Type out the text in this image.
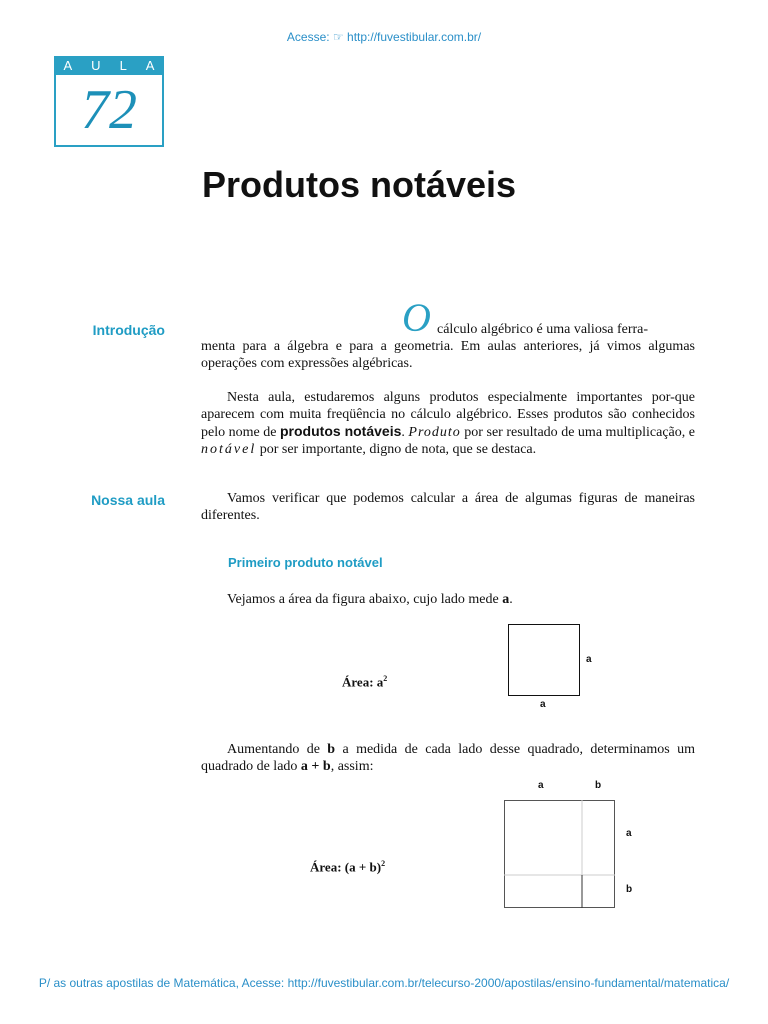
Acesse: ☞ http://fuvestibular.com.br/
A U L A
72
Produtos notáveis
Introdução	O cálculo algébrico é uma valiosa ferra-
menta para a álgebra e para a geometria. Em aulas anteriores, já vimos algumas operações com expressões algébricas.
Nesta aula, estudaremos alguns produtos especialmente importantes por-que aparecem com muita freqüência no cálculo algébrico. Esses produtos são conhecidos pelo nome de produtos notáveis. Produto por ser resultado de uma multiplicação, e notável por ser importante, digno de nota, que se destaca.
Nossa aula	Vamos verificar que podemos calcular a área de algumas figuras de maneiras diferentes.
Primeiro produto notável
Vejamos a área da figura abaixo, cujo lado mede a.
Área: $a^2$
a
a
Aumentando de b a medida de cada lado desse quadrado, determinamos um quadrado de lado a + b, assim:
a	b
a
b
Área: $(a + b)^2$
P/ as outras apostilas de Matemática, Acesse: http://fuvestibular.com.br/telecurso-2000/apostilas/ensino-fundamental/matematica/
